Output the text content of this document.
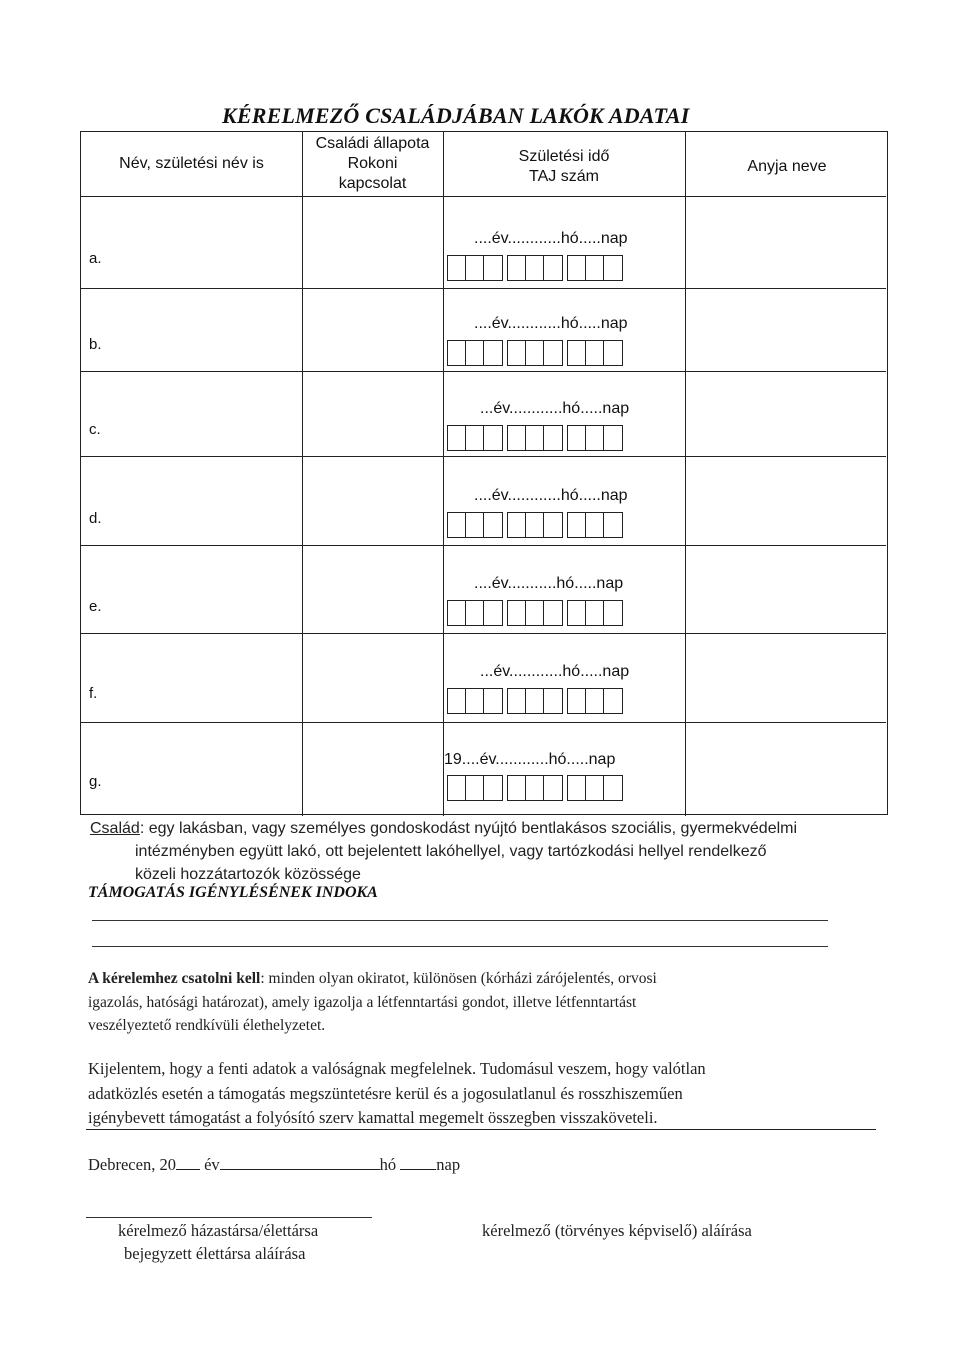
KÉRELMEZŐ CSALÁDJÁBAN LAKÓK ADATAI
Név, születési név is
Családi állapota
Rokoni
kapcsolat
Születési idő
TAJ szám
Anyja neve
a.
....év............hó.....nap
b.
....év............hó.....nap
c.
...év............hó.....nap
d.
....év............hó.....nap
e.
....év...........hó.....nap
f.
...év............hó.....nap
g.
19....év............hó.....nap
Család: egy lakásban, vagy személyes gondoskodást nyújtó bentlakásos szociális, gyermekvédelmi
intézményben együtt lakó, ott bejelentett lakóhellyel, vagy tartózkodási hellyel rendelkező
közeli hozzátartozók közössége
TÁMOGATÁS IGÉNYLÉSÉNEK INDOKA
A kérelemhez csatolni kell: minden olyan okiratot, különösen (kórházi zárójelentés, orvosi
igazolás, hatósági határozat), amely igazolja a létfenntartási gondot, illetve létfenntartást
veszélyeztető rendkívüli élethelyzetet.
Kijelentem, hogy a fenti adatok a valóságnak megfelelnek. Tudomásul veszem, hogy valótlan
adatközlés esetén a támogatás megszüntetésre kerül és a jogosulatlanul és rosszhiszeműen
igénybevett támogatást a folyósító szerv kamattal megemelt összegben visszaköveteli.
Debrecen, 20 év	hó nap
kérelmező házastársa/élettársa
bejegyzett élettársa aláírása
kérelmező (törvényes képviselő) aláírása
